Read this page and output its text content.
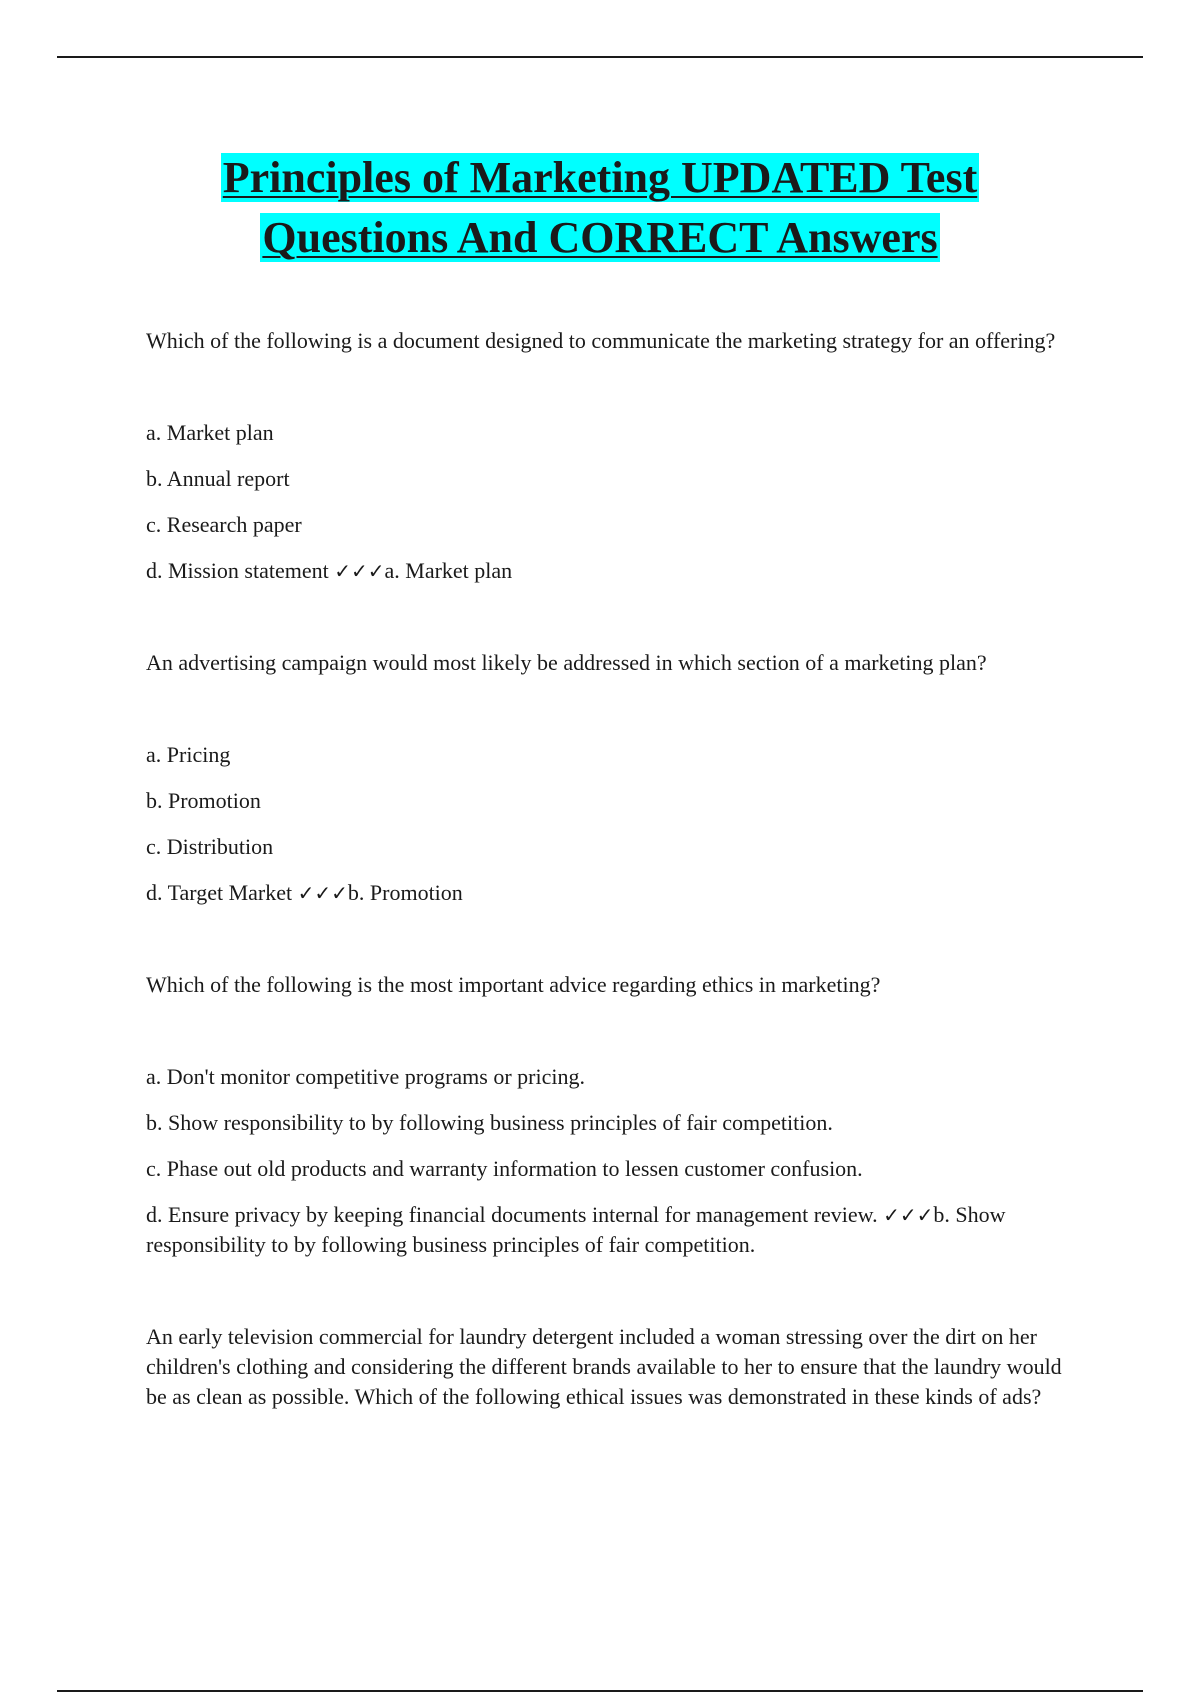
Principles of Marketing UPDATED Test
Questions And CORRECT Answers

Which of the following is a document designed to communicate the marketing strategy for an offering?

a. Market plan

b. Annual report

c. Research paper

d. Mission statement ✓✓✓a. Market plan

An advertising campaign would most likely be addressed in which section of a marketing plan?

a. Pricing

b. Promotion

c. Distribution

d. Target Market ✓✓✓b. Promotion

Which of the following is the most important advice regarding ethics in marketing?

a. Don't monitor competitive programs or pricing.

b. Show responsibility to by following business principles of fair competition.

c. Phase out old products and warranty information to lessen customer confusion.

d. Ensure privacy by keeping financial documents internal for management review. ✓✓✓b. Show responsibility to by following business principles of fair competition.

An early television commercial for laundry detergent included a woman stressing over the dirt on her children's clothing and considering the different brands available to her to ensure that the laundry would be as clean as possible. Which of the following ethical issues was demonstrated in these kinds of ads?
